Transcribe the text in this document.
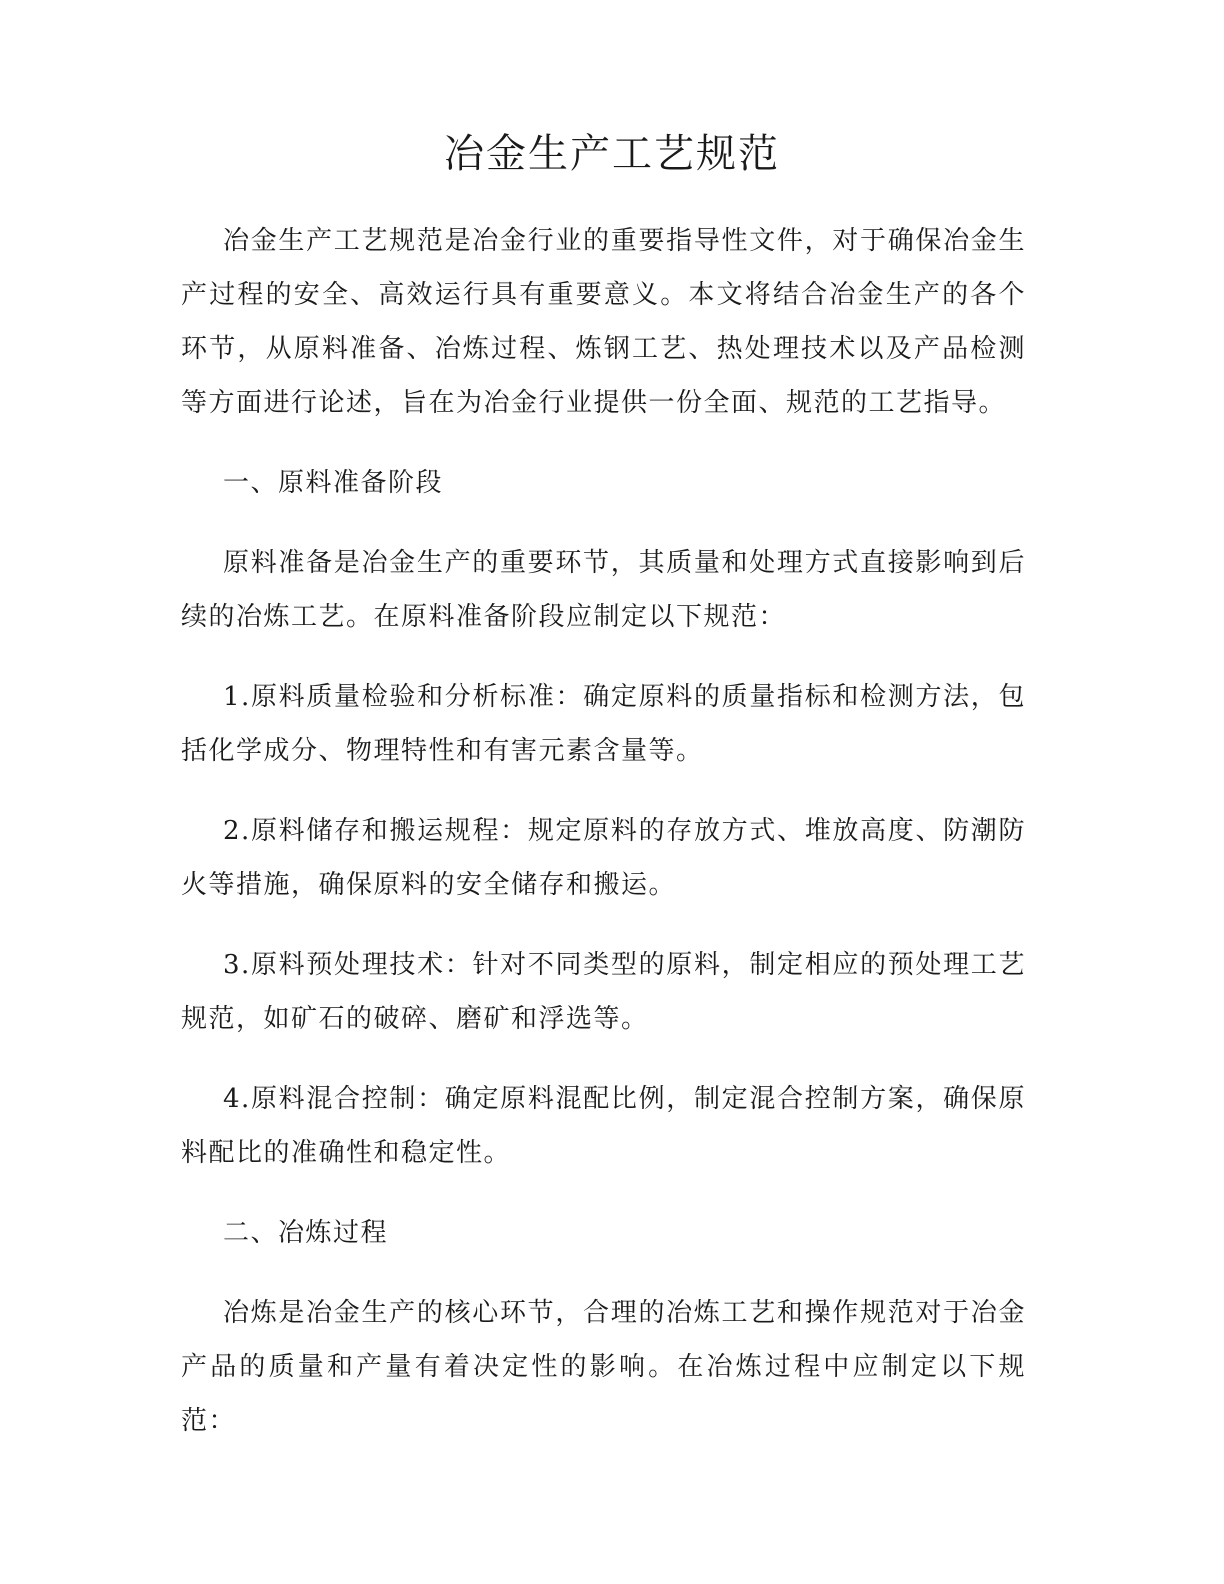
冶金生产工艺规范

冶金生产工艺规范是冶金行业的重要指导性文件，对于确保冶金生产过程的安全、高效运行具有重要意义。本文将结合冶金生产的各个环节，从原料准备、冶炼过程、炼钢工艺、热处理技术以及产品检测等方面进行论述，旨在为冶金行业提供一份全面、规范的工艺指导。

一、原料准备阶段

原料准备是冶金生产的重要环节，其质量和处理方式直接影响到后续的冶炼工艺。在原料准备阶段应制定以下规范：

1.原料质量检验和分析标准：确定原料的质量指标和检测方法，包括化学成分、物理特性和有害元素含量等。

2.原料储存和搬运规程：规定原料的存放方式、堆放高度、防潮防火等措施，确保原料的安全储存和搬运。

3.原料预处理技术：针对不同类型的原料，制定相应的预处理工艺规范，如矿石的破碎、磨矿和浮选等。

4.原料混合控制：确定原料混配比例，制定混合控制方案，确保原料配比的准确性和稳定性。

二、冶炼过程

冶炼是冶金生产的核心环节，合理的冶炼工艺和操作规范对于冶金产品的质量和产量有着决定性的影响。在冶炼过程中应制定以下规范：
